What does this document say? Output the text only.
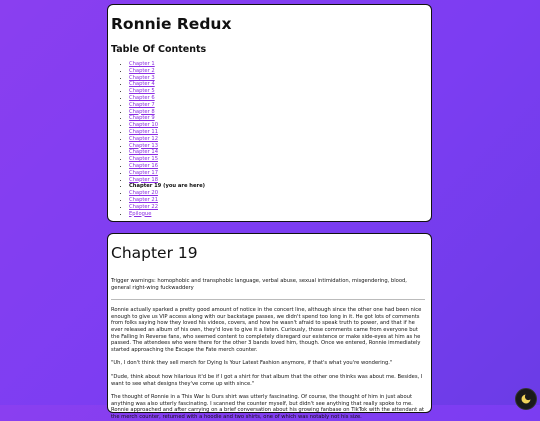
Ronnie Redux
Table Of Contents
• Chapter 1
• Chapter 2
• Chapter 3
• Chapter 4
• Chapter 5
• Chapter 6
• Chapter 7
• Chapter 8
• Chapter 9
• Chapter 10
• Chapter 11
• Chapter 12
• Chapter 13
• Chapter 14
• Chapter 15
• Chapter 16
• Chapter 17
• Chapter 18
• Chapter 19 (you are here)
• Chapter 20
• Chapter 21
• Chapter 22
• Epilogue
Chapter 19

Trigger warnings: homophobic and transphobic language, verbal abuse, sexual intimidation, misgendering, blood, general right-wing fuckwaddery

Ronnie actually sparked a pretty good amount of notice in the concert line, although since the other one had been nice enough to give us VIP access along with our backstage passes, we didn't spend too long in it. He got lots of comments from folks saying how they loved his videos, covers, and how he wasn't afraid to speak truth to power, and that if he ever released an album of his own, they'd love to give it a listen. Curiously, those comments came from everyone but the Falling In Reverse fans, who seemed content to completely disregard our existence or make side-eyes at him as he passed. The attendees who were there for the other 3 bands loved him, though. Once we entered, Ronnie immediately started approaching the Escape the Fate merch counter.

"Uh, I don't think they sell merch for Dying Is Your Latest Fashion anymore, if that's what you're wondering."

"Dude, think about how hilarious it'd be if I got a shirt for that album that the other one thinks was about me. Besides, I want to see what designs they've come up with since."

The thought of Ronnie in a This War Is Ours shirt was utterly fascinating. Of course, the thought of him in just about anything was also utterly fascinating. I scanned the counter myself, but didn't see anything that really spoke to me. Ronnie approached and after carrying on a brief conversation about his growing fanbase on TikTok with the attendant at the merch counter, returned with a hoodie and two shirts, one of which was notably not his size.
